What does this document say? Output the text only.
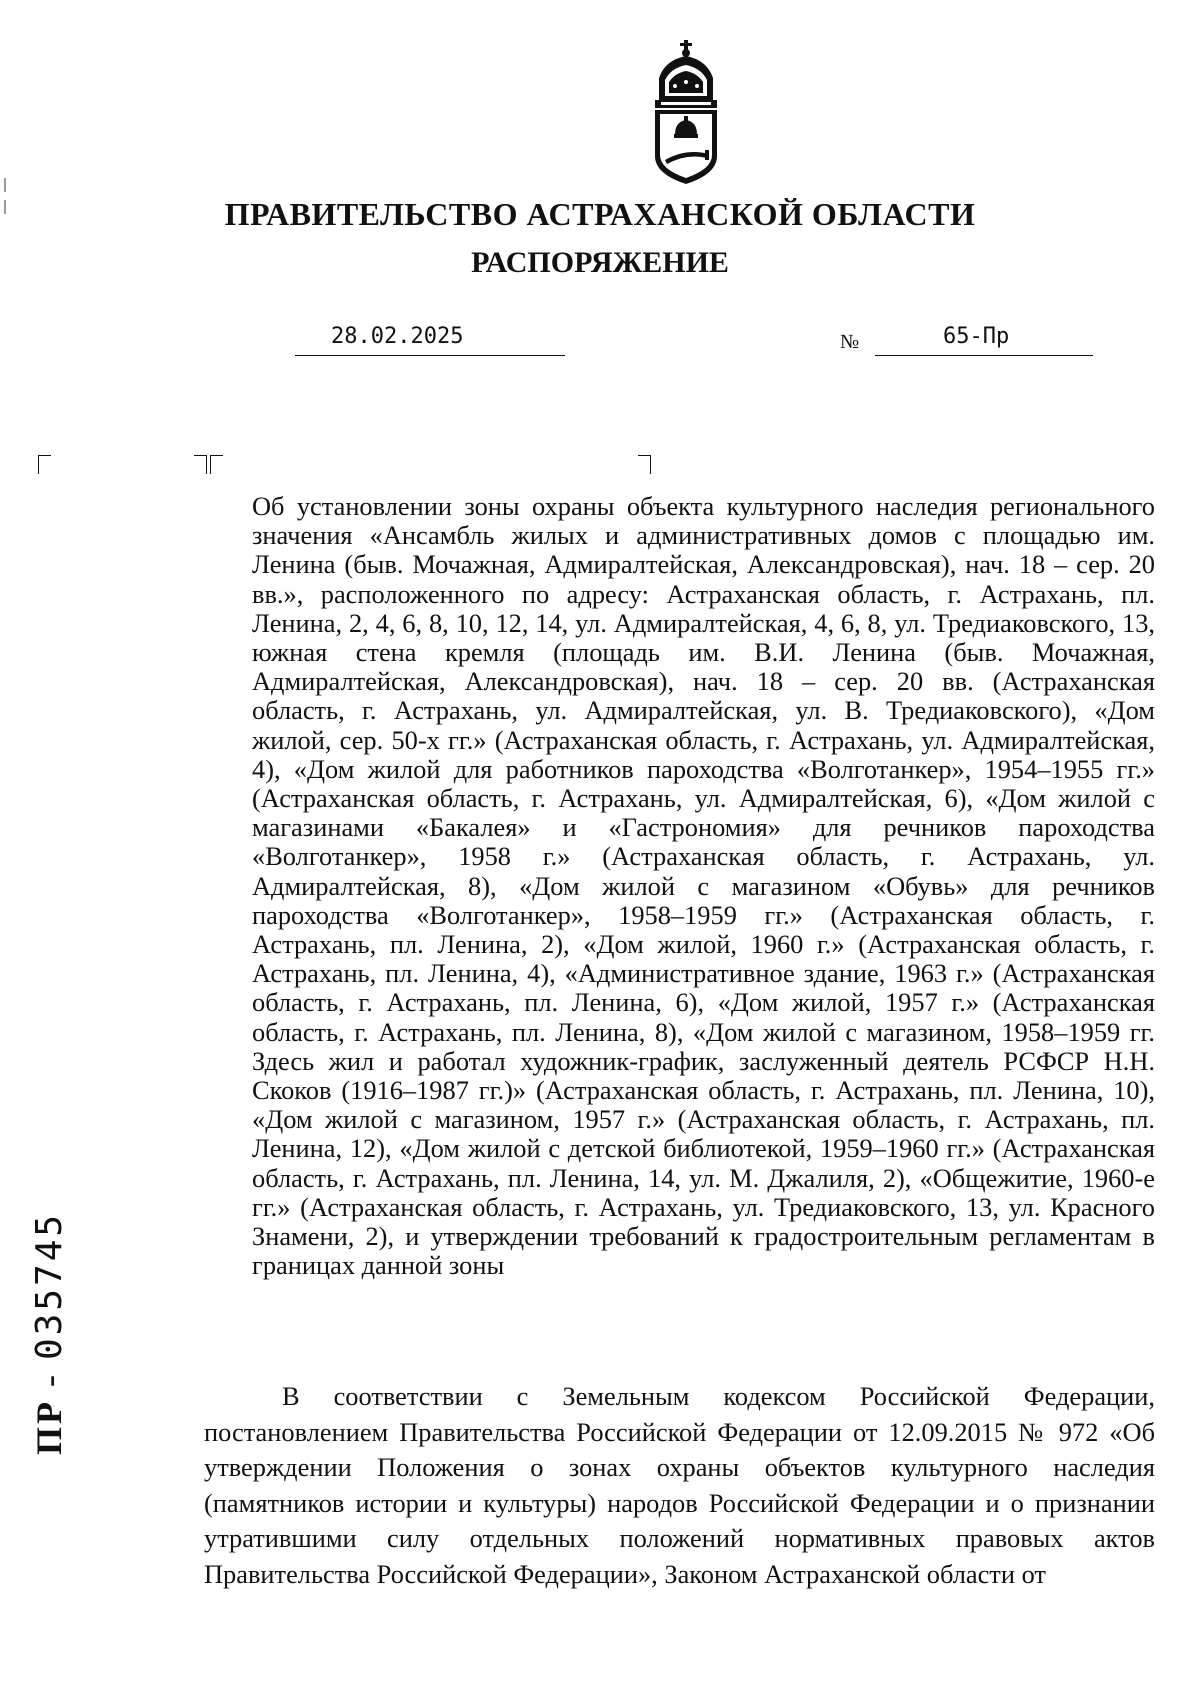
ПРАВИТЕЛЬСТВО АСТРАХАНСКОЙ ОБЛАСТИ
РАСПОРЯЖЕНИЕ
28.02.2025	№	65-Пр

Об установлении зоны охраны объекта культурного наследия регионального значения «Ансамбль жилых и административных домов с площадью им. Ленина (быв. Мочажная, Адмиралтейская, Александровская), нач. 18 – сер. 20 вв.», расположенного по адресу: Астраханская область, г. Астрахань, пл. Ленина, 2, 4, 6, 8, 10, 12, 14, ул. Адмиралтейская, 4, 6, 8, ул. Тредиаковского, 13, южная стена кремля (площадь им. В.И. Ленина (быв. Мочажная, Адмиралтейская, Александровская), нач. 18 – сер. 20 вв. (Астраханская область, г. Астрахань, ул. Адмиралтейская, ул. В. Тредиаковского), «Дом жилой, сер. 50-х гг.» (Астраханская область, г. Астрахань, ул. Адмиралтейская, 4), «Дом жилой для работников пароходства «Волготанкер», 1954–1955 гг.» (Астраханская область, г. Астрахань, ул. Адмиралтейская, 6), «Дом жилой с магазинами «Бакалея» и «Гастрономия» для речников пароходства «Волготанкер», 1958 г.» (Астраханская область, г. Астрахань, ул. Адмиралтейская, 8), «Дом жилой с магазином «Обувь» для речников пароходства «Волготанкер», 1958–1959 гг.» (Астраханская область, г. Астрахань, пл. Ленина, 2), «Дом жилой, 1960 г.» (Астраханская область, г. Астрахань, пл. Ленина, 4), «Административное здание, 1963 г.» (Астраханская область, г. Астрахань, пл. Ленина, 6), «Дом жилой, 1957 г.» (Астраханская область, г. Астрахань, пл. Ленина, 8), «Дом жилой с магазином, 1958–1959 гг. Здесь жил и работал художник-график, заслуженный деятель РСФСР Н.Н. Скоков (1916–1987 гг.)» (Астраханская область, г. Астрахань, пл. Ленина, 10), «Дом жилой с магазином, 1957 г.» (Астраханская область, г. Астрахань, пл. Ленина, 12), «Дом жилой с детской библиотекой, 1959–1960 гг.» (Астраханская область, г. Астрахань, пл. Ленина, 14, ул. М. Джалиля, 2), «Общежитие, 1960-е гг.» (Астраханская область, г. Астрахань, ул. Тредиаковского, 13, ул. Красного Знамени, 2), и утверждении требований к градостроительным регламентам в границах данной зоны

В соответствии с Земельным кодексом Российской Федерации, постановлением Правительства Российской Федерации от 12.09.2015 № 972 «Об утверждении Положения о зонах охраны объектов культурного наследия (памятников истории и культуры) народов Российской Федерации и о признании утратившими силу отдельных положений нормативных правовых актов Правительства Российской Федерации», Законом Астраханской области от

ПР - 035745
